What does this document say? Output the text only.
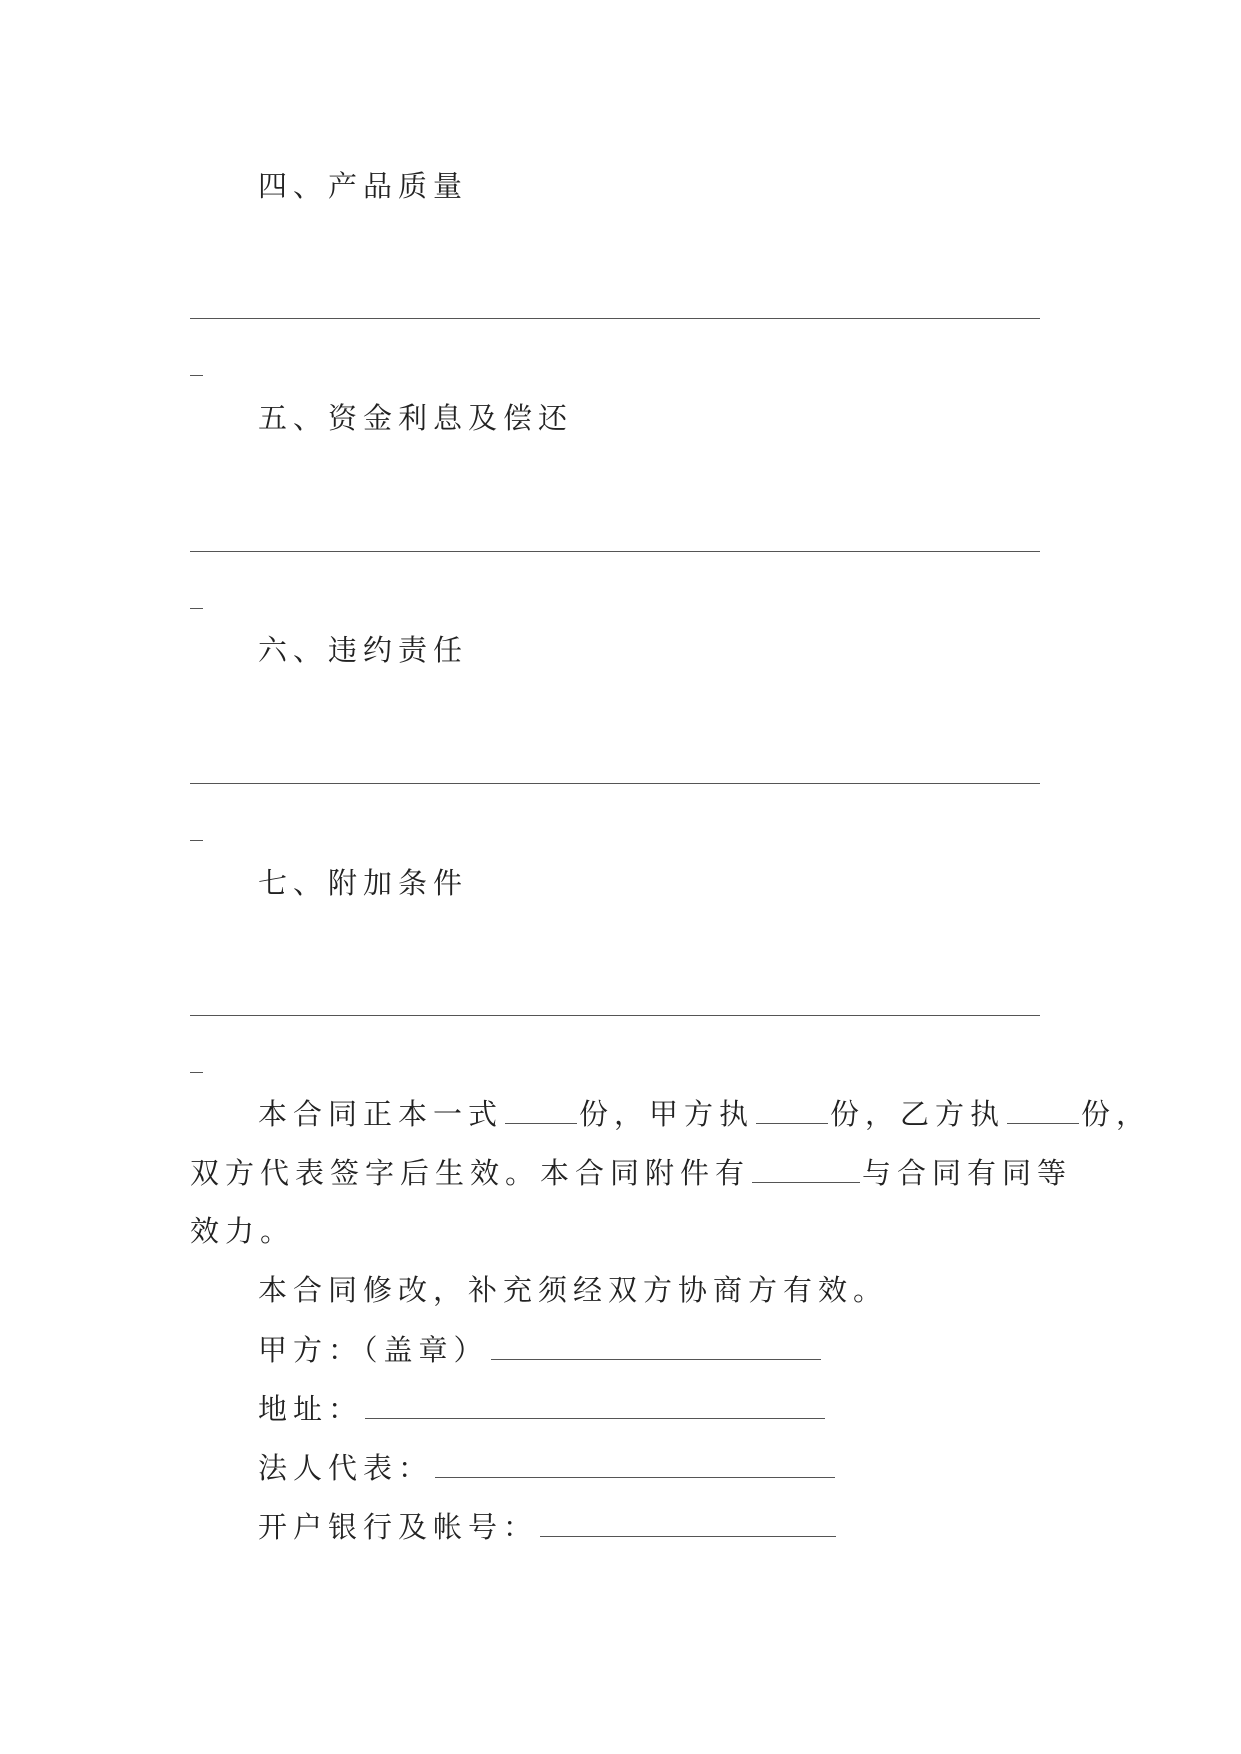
四、产品质量
五、资金利息及偿还
六、违约责任
七、附加条件
本合同正本一式	份，甲方执	份，乙方执	份，
双方代表签字后生效。本合同附件有	与合同有同等
效力。
本合同修改，补充须经双方协商方有效。
甲方：（盖章）
地址：
法人代表：
开户银行及帐号：
